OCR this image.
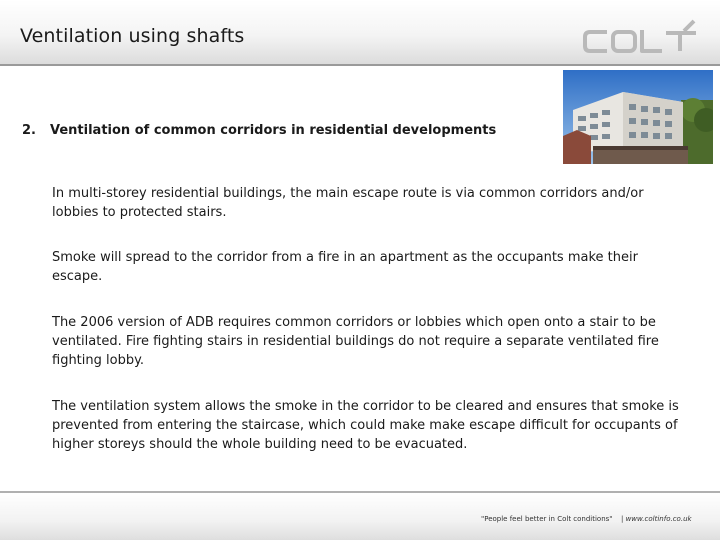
Ventilation using shafts
2. Ventilation of common corridors in residential developments
In multi-storey residential buildings, the main escape route is via common corridors and/or lobbies to protected stairs.
Smoke will spread to the corridor from a fire in an apartment as the occupants make their escape.
The 2006 version of ADB requires common corridors or lobbies which open onto a stair to be ventilated. Fire fighting stairs in residential buildings do not require a separate ventilated fire fighting lobby.
The ventilation system allows the smoke in the corridor to be cleared and ensures that smoke is prevented from entering the staircase, which could make make escape difficult for occupants of higher storeys should the whole building need to be evacuated.
"People feel better in Colt conditions" | www.coltinfo.co.uk
